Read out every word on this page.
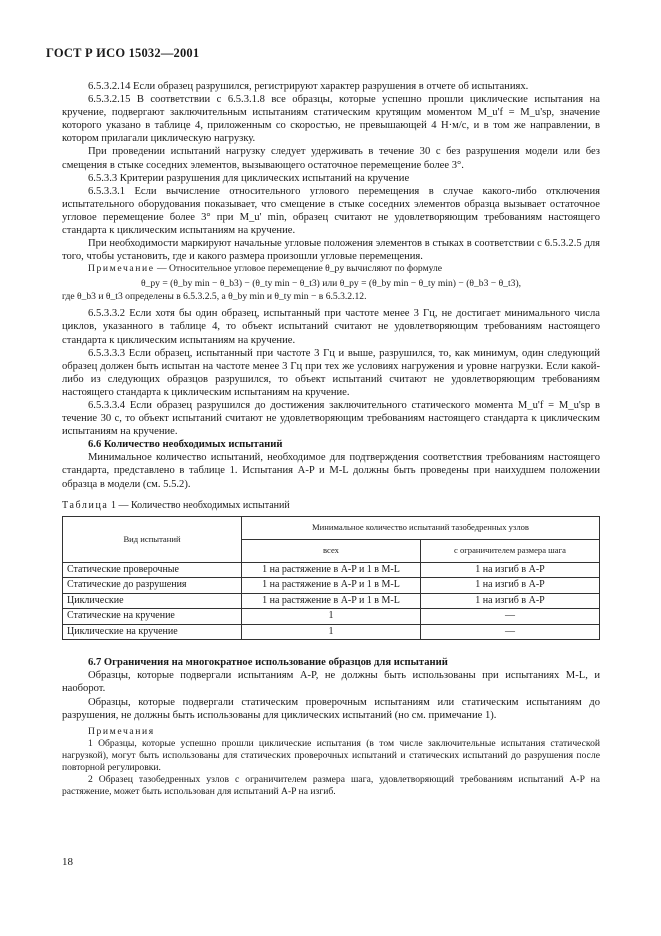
ГОСТ Р ИСО 15032—2001

6.5.3.2.14 Если образец разрушился, регистрируют характер разрушения в отчете об испытаниях.

6.5.3.2.15 В соответствии с 6.5.3.1.8 все образцы, которые успешно прошли циклические испытания на кручение, подвергают заключительным испытаниям статическим крутящим моментом M_u'f = M_u'sp, значение которого указано в таблице 4, приложенным со скоростью, не превышающей 4 Н·м/с, и в том же направлении, в котором прилагали циклическую нагрузку.

При проведении испытаний нагрузку следует удерживать в течение 30 с без разрушения модели или без смещения в стыке соседних элементов, вызывающего остаточное перемещение более 3°.

6.5.3.3 Критерии разрушения для циклических испытаний на кручение

6.5.3.3.1 Если вычисление относительного углового перемещения в случае какого-либо отключения испытательного оборудования показывает, что смещение в стыке соседних элементов образца вызывает остаточное угловое перемещение более 3° при M_u' min, образец считают не удовлетворяющим требованиям настоящего стандарта к циклическим испытаниям на кручение.

При необходимости маркируют начальные угловые положения элементов в стыках в соответствии с 6.5.3.2.5 для того, чтобы установить, где и какого размера произошли угловые перемещения.

Примечание — Относительное угловое перемещение θ_py вычисляют по формуле

θ_py = (θ_by min − θ_b3) − (θ_ty min − θ_t3) или θ_py = (θ_by min − θ_ty min) − (θ_b3 − θ_t3),

где θ_b3 и θ_t3 определены в 6.5.3.2.5, а θ_by min и θ_ty min − в 6.5.3.2.12.

6.5.3.3.2 Если хотя бы один образец, испытанный при частоте менее 3 Гц, не достигает минимального числа циклов, указанного в таблице 4, то объект испытаний считают не удовлетворяющим требованиям настоящего стандарта к циклическим испытаниям на кручение.

6.5.3.3.3 Если образец, испытанный при частоте 3 Гц и выше, разрушился, то, как минимум, один следующий образец должен быть испытан на частоте менее 3 Гц при тех же условиях нагружения и уровне нагрузки. Если какой-либо из следующих образцов разрушился, то объект испытаний считают не удовлетворяющим требованиям настоящего стандарта к циклическим испытаниям на кручение.

6.5.3.3.4 Если образец разрушился до достижения заключительного статического момента M_u'f = M_u'sp в течение 30 с, то объект испытаний считают не удовлетворяющим требованиям настоящего стандарта к циклическим испытаниям на кручение.

6.6 Количество необходимых испытаний

Минимальное количество испытаний, необходимое для подтверждения соответствия требованиям настоящего стандарта, представлено в таблице 1. Испытания A-P и M-L должны быть проведены при наихудшем положении образца в модели (см. 5.5.2).

Таблица 1 — Количество необходимых испытаний

Вид испытаний	Минимальное количество испытаний тазобедренных узлов	
	всех	с ограничителем размера шага
Статические проверочные	1 на растяжение в A-P и 1 в M-L	1 на изгиб в A-P
Статические до разрушения	1 на растяжение в A-P и 1 в M-L	1 на изгиб в A-P
Циклические	1 на растяжение в A-P и 1 в M-L	1 на изгиб в A-P
Статические на кручение	1	—
Циклические на кручение	1	—

6.7 Ограничения на многократное использование образцов для испытаний

Образцы, которые подвергали испытаниям A-P, не должны быть использованы при испытаниях M-L, и наоборот.

Образцы, которые подвергали статическим проверочным испытаниям или статическим испытаниям до разрушения, не должны быть использованы для циклических испытаний (но см. примечание 1).

Примечания

1 Образцы, которые успешно прошли циклические испытания (в том числе заключительные испытания статической нагрузкой), могут быть использованы для статических проверочных испытаний и статических испытаний до разрушения после повторной регулировки.

2 Образец тазобедренных узлов с ограничителем размера шага, удовлетворяющий требованиям испытаний A-P на растяжение, может быть использован для испытаний A-P на изгиб.

18
